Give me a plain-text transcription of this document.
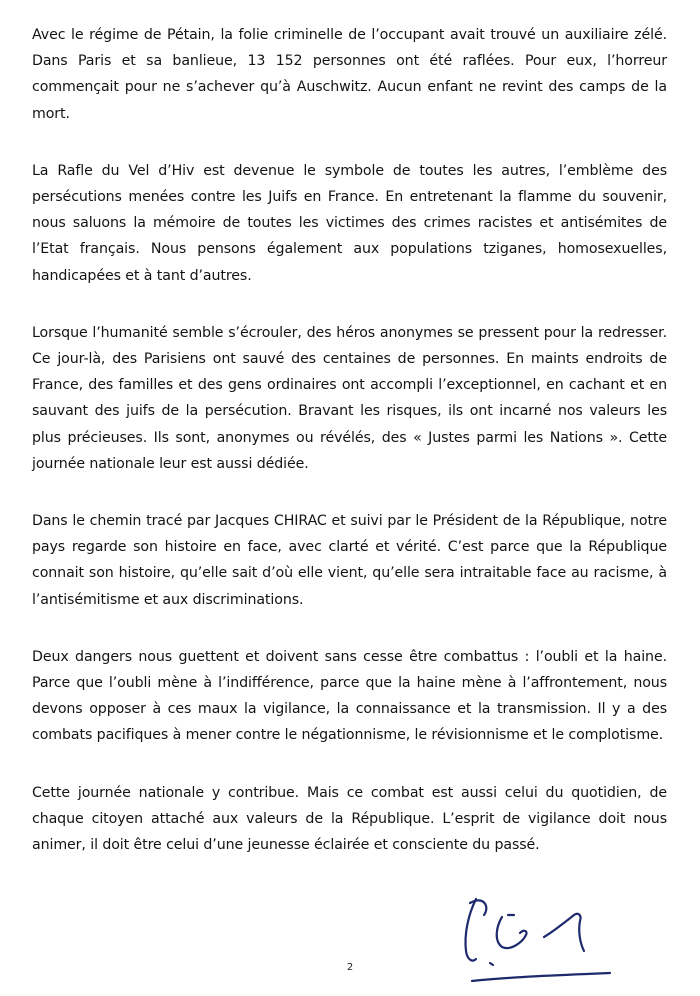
Avec le régime de Pétain, la folie criminelle de l’occupant avait trouvé un auxiliaire zélé. Dans Paris et sa banlieue, 13 152 personnes ont été raflées. Pour eux, l’horreur commençait pour ne s’achever qu’à Auschwitz. Aucun enfant ne revint des camps de la mort.

La Rafle du Vel d’Hiv est devenue le symbole de toutes les autres, l’emblème des persécutions menées contre les Juifs en France. En entretenant la flamme du souvenir, nous saluons la mémoire de toutes les victimes des crimes racistes et antisémites de l’Etat français. Nous pensons également aux populations tziganes, homosexuelles, handicapées et à tant d’autres.

Lorsque l’humanité semble s’écrouler, des héros anonymes se pressent pour la redresser. Ce jour-là, des Parisiens ont sauvé des centaines de personnes. En maints endroits de France, des familles et des gens ordinaires ont accompli l’exceptionnel, en cachant et en sauvant des juifs de la persécution. Bravant les risques, ils ont incarné nos valeurs les plus précieuses. Ils sont, anonymes ou révélés, des « Justes parmi les Nations ». Cette journée nationale leur est aussi dédiée.

Dans le chemin tracé par Jacques CHIRAC et suivi par le Président de la République, notre pays regarde son histoire en face, avec clarté et vérité. C’est parce que la République connait son histoire, qu’elle sait d’où elle vient, qu’elle sera intraitable face au racisme, à l’antisémitisme et aux discriminations.

Deux dangers nous guettent et doivent sans cesse être combattus : l’oubli et la haine. Parce que l’oubli mène à l’indifférence, parce que la haine mène à l’affrontement, nous devons opposer à ces maux la vigilance, la connaissance et la transmission. Il y a des combats pacifiques à mener contre le négationnisme, le révisionnisme et le complotisme.

Cette journée nationale y contribue. Mais ce combat est aussi celui du quotidien, de chaque citoyen attaché aux valeurs de la République. L’esprit de vigilance doit nous animer, il doit être celui d’une jeunesse éclairée et consciente du passé.

2
